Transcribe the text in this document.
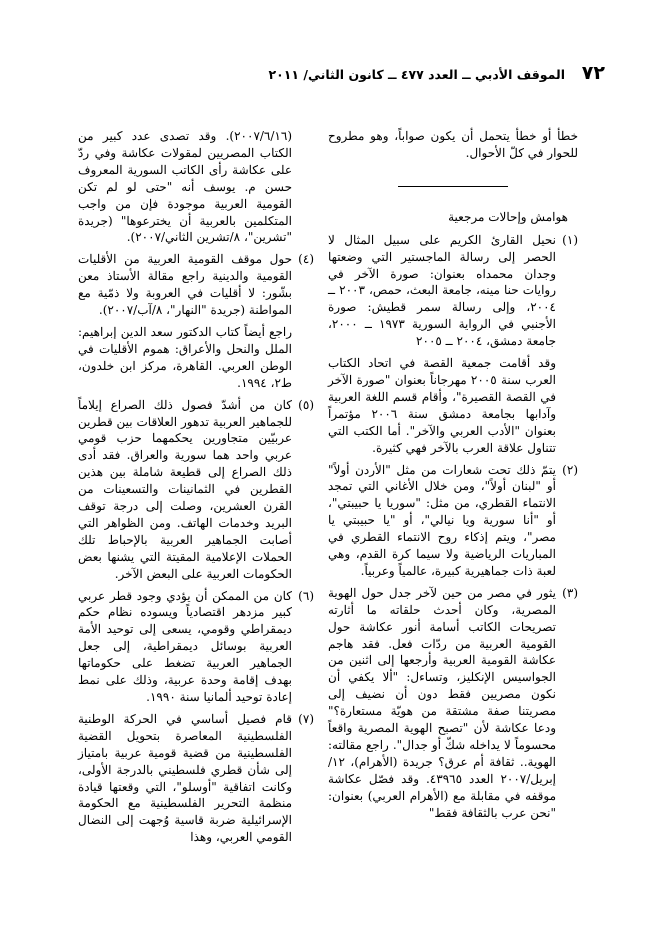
٧٢
الموقف الأدبي ــ العدد ٤٧٧ ــ كانون الثاني/ ٢٠١١

خطأ أو خطأ يتحمل أن يكون صواباً، وهو مطروح للحوار في كلّ الأحوال.

هوامش وإحالات مرجعية
(١)
نحيل القارئ الكريم على سبيل المثال لا الحصر إلى رسالة الماجستير التي وضعتها وجدان محمداه بعنوان: صورة الآخر في روايات حنا مينه، جامعة البعث، حمص، ٢٠٠٣ ــ ٢٠٠٤، وإلى رسالة سمر قطيش: صورة الأجنبي في الرواية السورية ١٩٧٣ ــ ٢٠٠٠، جامعة دمشق، ٢٠٠٤ ــ ٢٠٠٥
وقد أقامت جمعية القصة في اتحاد الكتاب العرب سنة ٢٠٠٥ مهرجاناً بعنوان "صورة الآخر في القصة القصيرة"، وأقام قسم اللغة العربية وآدابها بجامعة دمشق سنة ٢٠٠٦ مؤتمراً بعنوان "الأدب العربي والآخر". أما الكتب التي تتناول علاقة العرب بالآخر فهي كثيرة.
(٢)
يتمّ ذلك تحت شعارات من مثل "الأردن أولاً" أو "لبنان أولاً"، ومن خلال الأغاني التي تمجد الانتماء القطري، من مثل: "سوريا يا حبيبتي"، أو "أنا سورية ويا نيالي"، أو "يا حبيبتي يا مصر"، ويتم إذكاء روح الانتماء القطري في المباريات الرياضية ولا سيما كرة القدم، وهي لعبة ذات جماهيرية كبيرة، عالمياً وعربياً.
(٣)
يثور في مصر من حين لآخر جدل حول الهوية المصرية، وكان أحدث حلقاته ما أثارته تصريحات الكاتب أسامة أنور عكاشة حول القومية العربية من ردّات فعل. فقد هاجم عكاشة القومية العربية وأرجعها إلى اثنين من الجواسيس الإنكليز، وتساءل: "ألا يكفي أن نكون مصريين فقط دون أن نضيف إلى مصريتنا صفة مشتقة من هويّة مستعارة؟" ودعا عكاشة لأن "تصبح الهوية المصرية واقعاً محسوماً لا يداخله شكّ أو جدال". راجع مقالته: الهوية.. ثقافة أم عرق؟ جريدة (الأهرام)، ١٢/إبريل/٢٠٠٧ العدد ٤٣٩٦٥. وقد فصّل عكاشة موقفه في مقابلة مع (الأهرام العربي) بعنوان: "نحن عرب بالثقافة فقط"
(٢٠٠٧/٦/١٦). وقد تصدى عدد كبير من الكتاب المصريين لمقولات عكاشة وفي ردّ على عكاشة رأى الكاتب السورية المعروف حسن م. يوسف أنه "حتى لو لم تكن القومية العربية موجودة فإن من واجب المتكلمين بالعربية أن يخترعوها" (جريدة "تشرين"، ٨/تشرين الثاني/٢٠٠٧).
(٤)
حول موقف القومية العربية من الأقليات القومية والدينية راجع مقالة الأستاذ معن بشّور: لا أقليات في العروبة ولا ذمّية مع المواطنة (جريدة "النهار"، ٨/آب/٢٠٠٧).
راجع أيضاً كتاب الدكتور سعد الدين إبراهيم: الملل والنحل والأعراق: هموم الأقليات في الوطن العربي. القاهرة، مركز ابن خلدون، ط٢، ١٩٩٤.
(٥)
كان من أشدّ فصول ذلك الصراع إيلاماً للجماهير العربية تدهور العلاقات بين قطرين عربيّين متجاورين يحكمهما حزب قومي عربي واحد هما سورية والعراق. فقد أدى ذلك الصراع إلى قطيعة شاملة بين هذين القطرين في الثمانينات والتسعينات من القرن العشرين، وصلت إلى درجة توقف البريد وخدمات الهاتف. ومن الظواهر التي أصابت الجماهير العربية بالإحباط تلك الحملات الإعلامية المقيتة التي يشنها بعض الحكومات العربية على البعض الآخر.
(٦)
كان من الممكن أن يؤدي وجود قطر عربي كبير مزدهر اقتصادياً ويسوده نظام حكم ديمقراطي وقومي، يسعى إلى توحيد الأمة العربية بوسائل ديمقراطية، إلى جعل الجماهير العربية تضغط على حكوماتها بهدف إقامة وحدة عربية، وذلك على نمط إعادة توحيد ألمانيا سنة ١٩٩٠.
(٧)
قام فصيل أساسي في الحركة الوطنية الفلسطينية المعاصرة بتحويل القضية الفلسطينية من قضية قومية عربية بامتياز إلى شأن قطري فلسطيني بالدرجة الأولى، وكانت اتفاقية "أوسلو"، التي وقعتها قيادة منظمة التحرير الفلسطينية مع الحكومة الإسرائيلية ضربة قاسية وُجهت إلى النضال القومي العربي، وهذا
